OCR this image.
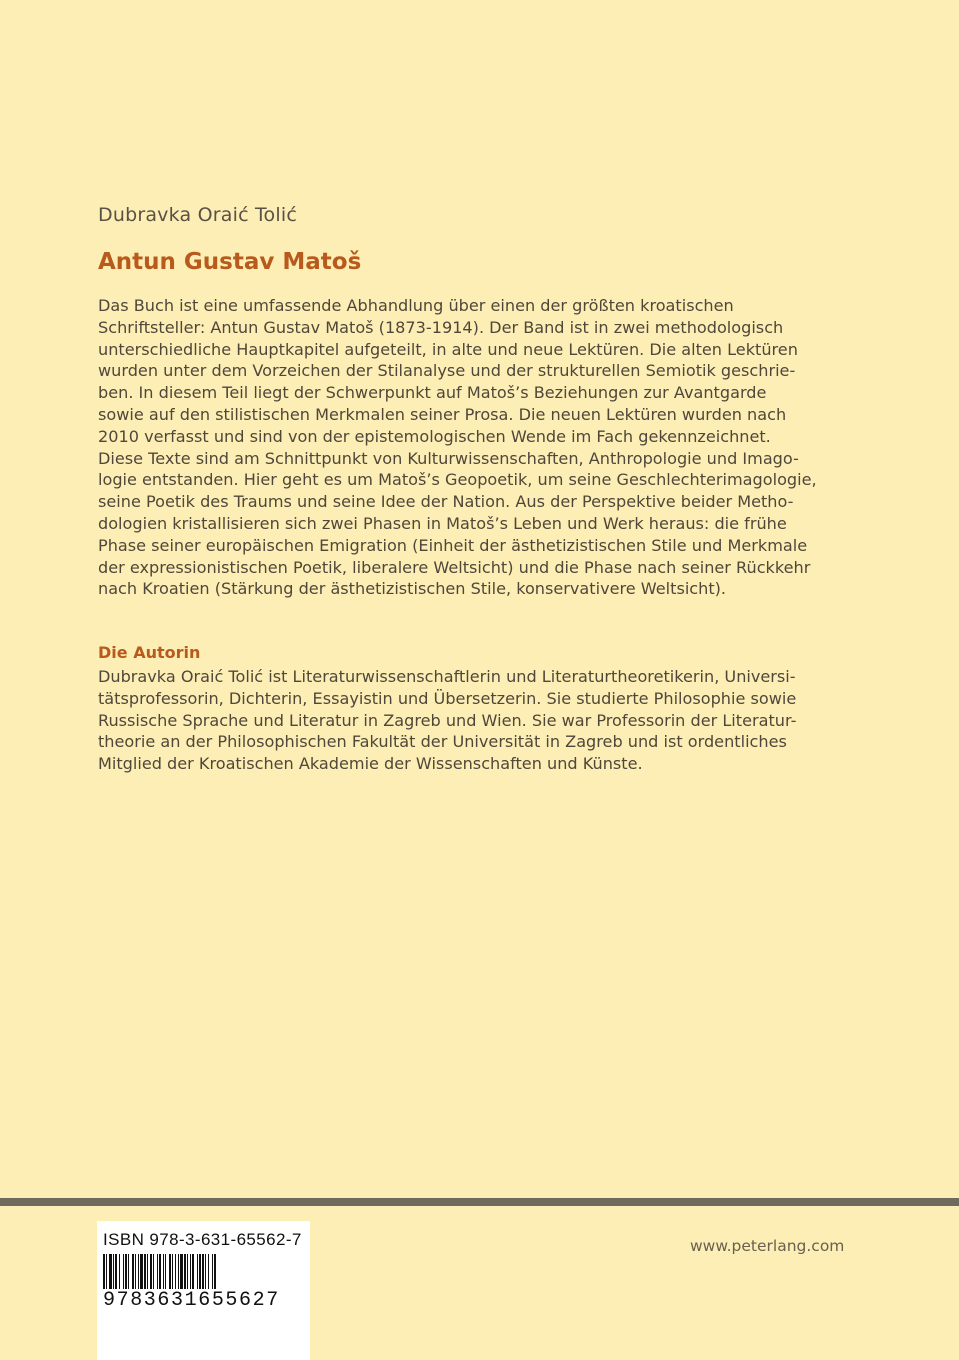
Dubravka Oraić Tolić
Antun Gustav Matoš
Das Buch ist eine umfassende Abhandlung über einen der größten kroatischen
Schriftsteller: Antun Gustav Matoš (1873-1914). Der Band ist in zwei methodologisch
unterschiedliche Hauptkapitel aufgeteilt, in alte und neue Lektüren. Die alten Lektüren
wurden unter dem Vorzeichen der Stilanalyse und der strukturellen Semiotik geschrie-
ben. In diesem Teil liegt der Schwerpunkt auf Matoš’s Beziehungen zur Avantgarde
sowie auf den stilistischen Merkmalen seiner Prosa. Die neuen Lektüren wurden nach
2010 verfasst und sind von der epistemologischen Wende im Fach gekennzeichnet.
Diese Texte sind am Schnittpunkt von Kulturwissenschaften, Anthropologie und Imago-
logie entstanden. Hier geht es um Matoš’s Geopoetik, um seine Geschlechterimagologie,
seine Poetik des Traums und seine Idee der Nation. Aus der Perspektive beider Metho-
dologien kristallisieren sich zwei Phasen in Matoš’s Leben und Werk heraus: die frühe
Phase seiner europäischen Emigration (Einheit der ästhetizistischen Stile und Merkmale
der expressionistischen Poetik, liberalere Weltsicht) und die Phase nach seiner Rückkehr
nach Kroatien (Stärkung der ästhetizistischen Stile, konservativere Weltsicht).
Die Autorin
Dubravka Oraić Tolić ist Literaturwissenschaftlerin und Literaturtheoretikerin, Universi-
tätsprofessorin, Dichterin, Essayistin und Übersetzerin. Sie studierte Philosophie sowie
Russische Sprache und Literatur in Zagreb und Wien. Sie war Professorin der Literatur-
theorie an der Philosophischen Fakultät der Universität in Zagreb und ist ordentliches
Mitglied der Kroatischen Akademie der Wissenschaften und Künste.
ISBN 978-3-631-65562-7
9783631655627
www.peterlang.com
